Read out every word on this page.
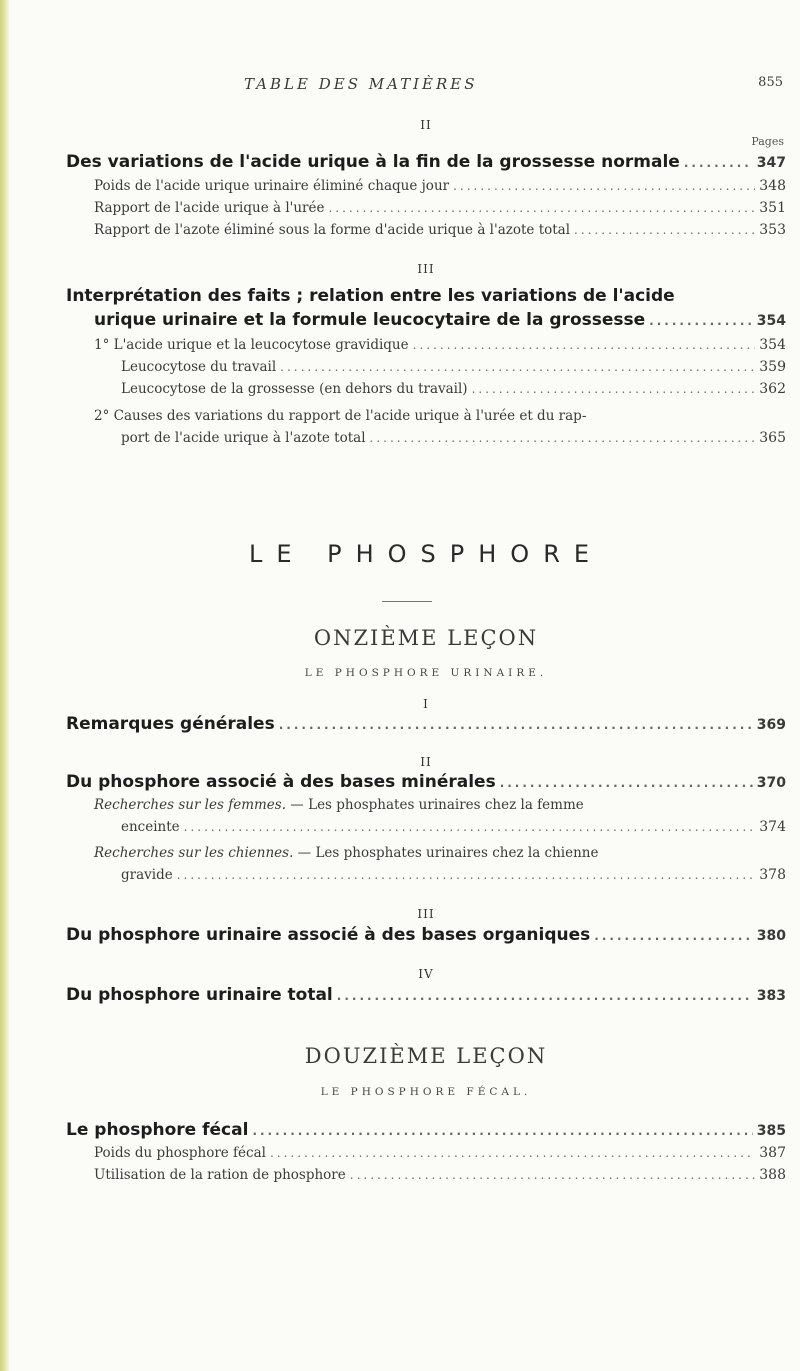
TABLE DES MATIÈRES	855
II
Pages
Des variations de l'acide urique à la fin de la grossesse normale .....	347
Poids de l'acide urique urinaire éliminé chaque jour .....	348
Rapport de l'acide urique à l'urée .....	351
Rapport de l'azote éliminé sous la forme d'acide urique à l'azote total .....	353
III
Interprétation des faits ; relation entre les variations de l'acide
urique urinaire et la formule leucocytaire de la grossesse .....	354
1° L'acide urique et la leucocytose gravidique .....	354
Leucocytose du travail .....	359
Leucocytose de la grossesse (en dehors du travail) .....	362
2° Causes des variations du rapport de l'acide urique à l'urée et du rap-
port de l'acide urique à l'azote total .....	365
LE PHOSPHORE
ONZIÈME LEÇON
LE PHOSPHORE URINAIRE.
I
Remarques générales .....	369
II
Du phosphore associé à des bases minérales .....	370
Recherches sur les femmes. — Les phosphates urinaires chez la femme
enceinte .....	374
Recherches sur les chiennes. — Les phosphates urinaires chez la chienne
gravide .....	378
III
Du phosphore urinaire associé à des bases organiques .....	380
IV
Du phosphore urinaire total .....	383
DOUZIÈME LEÇON
LE PHOSPHORE FÉCAL.
Le phosphore fécal .....	385
Poids du phosphore fécal .....	387
Utilisation de la ration de phosphore .....	388
